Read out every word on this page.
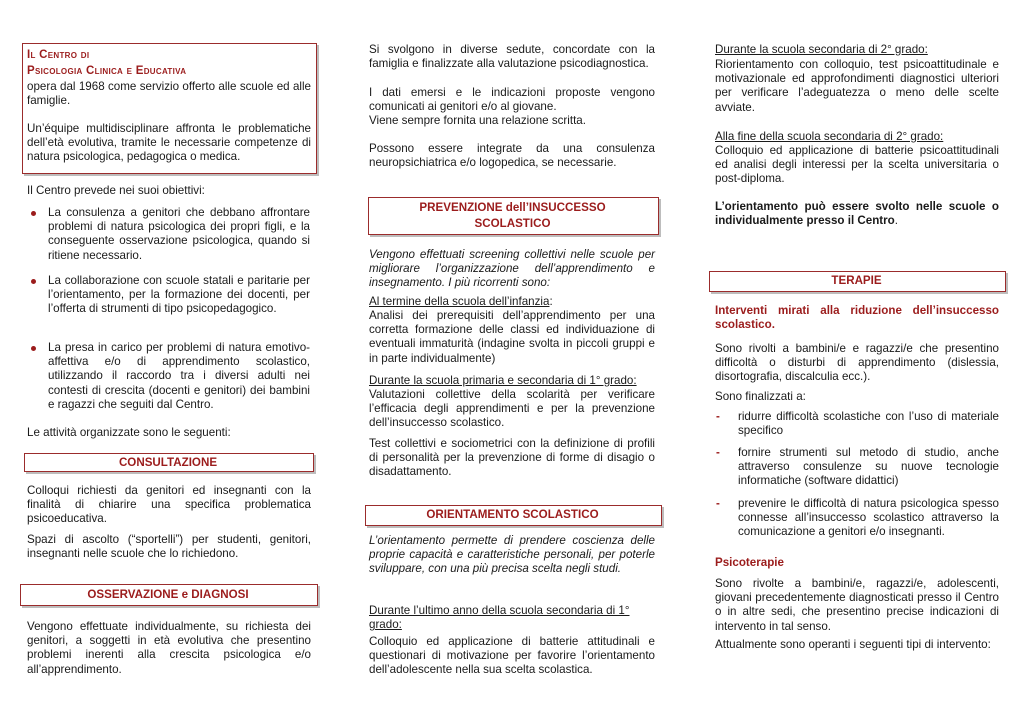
Il Centro di
Psicologia Clinica e Educativa
opera dal 1968 come servizio offerto alle scuole ed alle famiglie.
Un’équipe multidisciplinare affronta le problematiche dell’età evolutiva, tramite le necessarie competenze di natura psicologica, pedagogica o medica.
Il Centro prevede nei suoi obiettivi:
La consulenza a genitori che debbano affrontare problemi di natura psicologica dei propri figli, e la conseguente osservazione psicologica, quando si ritiene necessario.
La collaborazione con scuole statali e paritarie per l’orientamento, per la formazione dei docenti, per l’offerta di strumenti di tipo psicopedagogico.
La presa in carico per problemi di natura emotivo-affettiva e/o di apprendimento scolastico, utilizzando il raccordo tra i diversi adulti nei contesti di crescita (docenti e genitori) dei bambini e ragazzi che seguiti dal Centro.
Le attività organizzate sono le seguenti:
CONSULTAZIONE
Colloqui richiesti da genitori ed insegnanti con la finalità di chiarire una specifica problematica psicoeducativa.
Spazi di ascolto (“sportelli”) per studenti, genitori, insegnanti nelle scuole che lo richiedono.
OSSERVAZIONE e DIAGNOSI
Vengono effettuate individualmente, su richiesta dei genitori, a soggetti in età evolutiva che presentino problemi inerenti alla crescita psicologica e/o all’apprendimento.
Si svolgono in diverse sedute, concordate con la famiglia e finalizzate alla valutazione psicodiagnostica.
I dati emersi e le indicazioni proposte vengono comunicati ai genitori e/o al giovane.
Viene sempre fornita una relazione scritta.
Possono essere integrate da una consulenza neuropsichiatrica e/o logopedica, se necessarie.
PREVENZIONE dell’INSUCCESSO
SCOLASTICO
Vengono effettuati screening collettivi nelle scuole per migliorare l’organizzazione dell’apprendimento e insegnamento. I più ricorrenti sono:
Al termine della scuola dell’infanzia:
Analisi dei prerequisiti dell’apprendimento per una corretta formazione delle classi ed individuazione di eventuali immaturità (indagine svolta in piccoli gruppi e in parte individualmente)
Durante la scuola primaria e secondaria di 1° grado:
Valutazioni collettive della scolarità per verificare l’efficacia degli apprendimenti e per la prevenzione dell’insuccesso scolastico.
Test collettivi e sociometrici con la definizione di profili di personalità per la prevenzione di forme di disagio o disadattamento.
ORIENTAMENTO SCOLASTICO
L’orientamento permette di prendere coscienza delle proprie capacità e caratteristiche personali, per poterle sviluppare, con una più precisa scelta negli studi.
Durante l’ultimo anno della scuola secondaria di 1° grado:
Colloquio ed applicazione di batterie attitudinali e questionari di motivazione per favorire l’orientamento dell’adolescente nella sua scelta scolastica.
Durante la scuola secondaria di 2° grado:
Riorientamento con colloquio, test psicoattitudinale e motivazionale ed approfondimenti diagnostici ulteriori per verificare l’adeguatezza o meno delle scelte avviate.
Alla fine della scuola secondaria di 2° grado:
Colloquio ed applicazione di batterie psicoattitudinali ed analisi degli interessi per la scelta universitaria o post-diploma.
L’orientamento può essere svolto nelle scuole o individualmente presso il Centro.
TERAPIE
Interventi mirati alla riduzione dell’insuccesso scolastico.
Sono rivolti a bambini/e e ragazzi/e che presentino difficoltà o disturbi di apprendimento (dislessia, disortografia, discalculia ecc.).
Sono finalizzati a:
- ridurre difficoltà scolastiche con l’uso di materiale specifico
- fornire strumenti sul metodo di studio, anche attraverso consulenze su nuove tecnologie informatiche (software didattici)
- prevenire le difficoltà di natura psicologica spesso connesse all’insuccesso scolastico attraverso la comunicazione a genitori e/o insegnanti.
Psicoterapie
Sono rivolte a bambini/e, ragazzi/e, adolescenti, giovani precedentemente diagnosticati presso il Centro o in altre sedi, che presentino precise indicazioni di intervento in tal senso.
Attualmente sono operanti i seguenti tipi di intervento:
